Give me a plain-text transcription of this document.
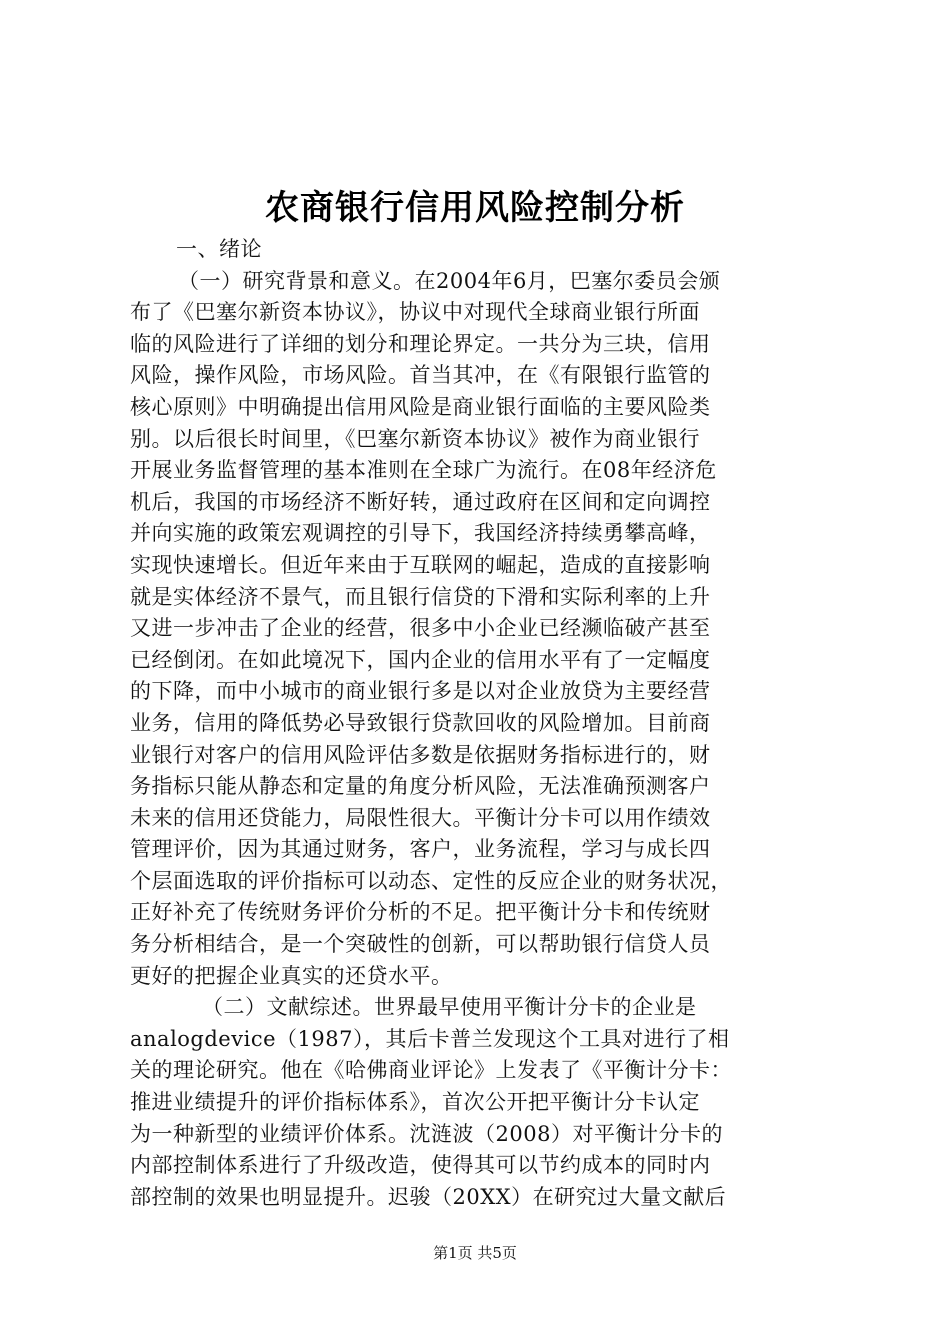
农商银行信用风险控制分析
一、绪论
（一）研究背景和意义。在2004年6月，巴塞尔委员会颁
布了《巴塞尔新资本协议》，协议中对现代全球商业银行所面
临的风险进行了详细的划分和理论界定。一共分为三块，信用
风险，操作风险，市场风险。首当其冲，在《有限银行监管的
核心原则》中明确提出信用风险是商业银行面临的主要风险类
别。以后很长时间里，《巴塞尔新资本协议》被作为商业银行
开展业务监督管理的基本准则在全球广为流行。在08年经济危
机后，我国的市场经济不断好转，通过政府在区间和定向调控
并向实施的政策宏观调控的引导下，我国经济持续勇攀高峰，
实现快速增长。但近年来由于互联网的崛起，造成的直接影响
就是实体经济不景气，而且银行信贷的下滑和实际利率的上升
又进一步冲击了企业的经营，很多中小企业已经濒临破产甚至
已经倒闭。在如此境况下，国内企业的信用水平有了一定幅度
的下降，而中小城市的商业银行多是以对企业放贷为主要经营
业务，信用的降低势必导致银行贷款回收的风险增加。目前商
业银行对客户的信用风险评估多数是依据财务指标进行的，财
务指标只能从静态和定量的角度分析风险，无法准确预测客户
未来的信用还贷能力，局限性很大。平衡计分卡可以用作绩效
管理评价，因为其通过财务，客户，业务流程，学习与成长四
个层面选取的评价指标可以动态、定性的反应企业的财务状况，
正好补充了传统财务评价分析的不足。把平衡计分卡和传统财
务分析相结合，是一个突破性的创新，可以帮助银行信贷人员
更好的把握企业真实的还贷水平。
（二）文献综述。世界最早使用平衡计分卡的企业是
analogdevice（1987），其后卡普兰发现这个工具对进行了相
关的理论研究。他在《哈佛商业评论》上发表了《平衡计分卡：
推进业绩提升的评价指标体系》，首次公开把平衡计分卡认定
为一种新型的业绩评价体系。沈涟波（2008）对平衡计分卡的
内部控制体系进行了升级改造，使得其可以节约成本的同时内
部控制的效果也明显提升。迟骏（20XX）在研究过大量文献后
第1页 共5页
